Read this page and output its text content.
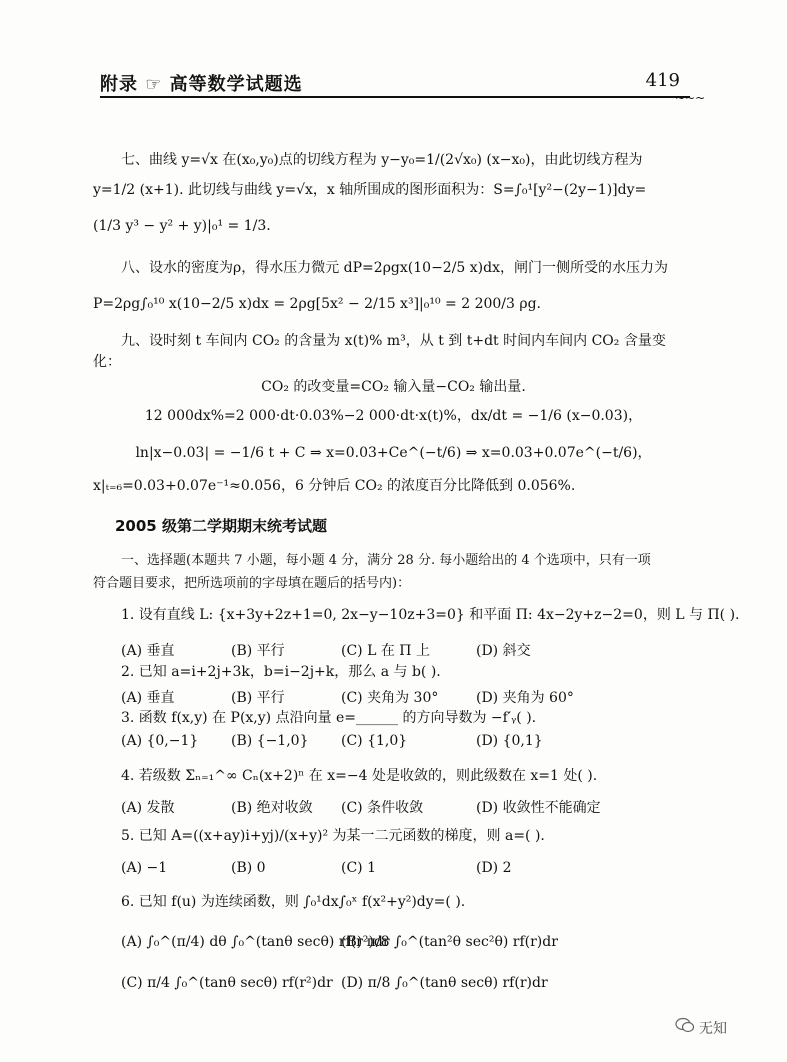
附录 ☞ 高等数学试题选	419
~~~
七、曲线 y=√x 在(x₀,y₀)点的切线方程为 y−y₀=1/(2√x₀) (x−x₀)，由此切线方程为
y=1/2 (x+1). 此切线与曲线 y=√x，x 轴所围成的图形面积为：S=∫₀¹[y²−(2y−1)]dy=
(1/3 y³ − y² + y)|₀¹ = 1/3.
八、设水的密度为ρ，得水压力微元 dP=2ρgx(10−2/5 x)dx，闸门一侧所受的水压力为
P=2ρg∫₀¹⁰ x(10−2/5 x)dx = 2ρg[5x² − 2/15 x³]|₀¹⁰ = 2 200/3 ρg.
九、设时刻 t 车间内 CO₂ 的含量为 x(t)% m³，从 t 到 t+dt 时间内车间内 CO₂ 含量变
化：
CO₂ 的改变量=CO₂ 输入量−CO₂ 输出量.
12 000dx%=2 000·dt·0.03%−2 000·dt·x(t)%，dx/dt = −1/6 (x−0.03)，
ln|x−0.03| = −1/6 t + C ⇒ x=0.03+Ce^(−t/6) ⇒ x=0.03+0.07e^(−t/6)，
x|ₜ₌₆=0.03+0.07e⁻¹≈0.056，6 分钟后 CO₂ 的浓度百分比降低到 0.056%.
2005 级第二学期期末统考试题
一、选择题(本题共 7 小题，每小题 4 分，满分 28 分. 每小题给出的 4 个选项中，只有一项
符合题目要求，把所选项前的字母填在题后的括号内)：
1. 设有直线 L: {x+3y+2z+1=0, 2x−y−10z+3=0} 和平面 Π: 4x−2y+z−2=0，则 L 与 Π( ).
(A) 垂直	(B) 平行	(C) L 在 Π 上	(D) 斜交
2. 已知 a=i+2j+3k，b=i−2j+k，那么 a 与 b( ).
(A) 垂直	(B) 平行	(C) 夹角为 30°	(D) 夹角为 60°
3. 函数 f(x,y) 在 P(x,y) 点沿向量 e=______ 的方向导数为 −f′ᵧ( ).
(A) {0,−1} (B) {−1,0} (C) {1,0}	(D) {0,1}
4. 若级数 Σₙ₌₁^∞ Cₙ(x+2)ⁿ 在 x=−4 处是收敛的，则此级数在 x=1 处( ).
(A) 发散	(B) 绝对收敛 (C) 条件收敛	(D) 收敛性不能确定
5. 已知 A=((x+ay)i+yj)/(x+y)² 为某一二元函数的梯度，则 a=( ).
(A) −1	(B) 0	(C) 1	(D) 2
6. 已知 f(u) 为连续函数，则 ∫₀¹dx∫₀ˣ f(x²+y²)dy=( ).
(A) ∫₀^(π/4) dθ ∫₀^(tanθ secθ) rf(r²)dr
(B) π/8 ∫₀^(tan²θ sec²θ) rf(r)dr
(C) π/4 ∫₀^(tanθ secθ) rf(r²)dr (D) π/8 ∫₀^(tanθ secθ) rf(r)dr
无知
